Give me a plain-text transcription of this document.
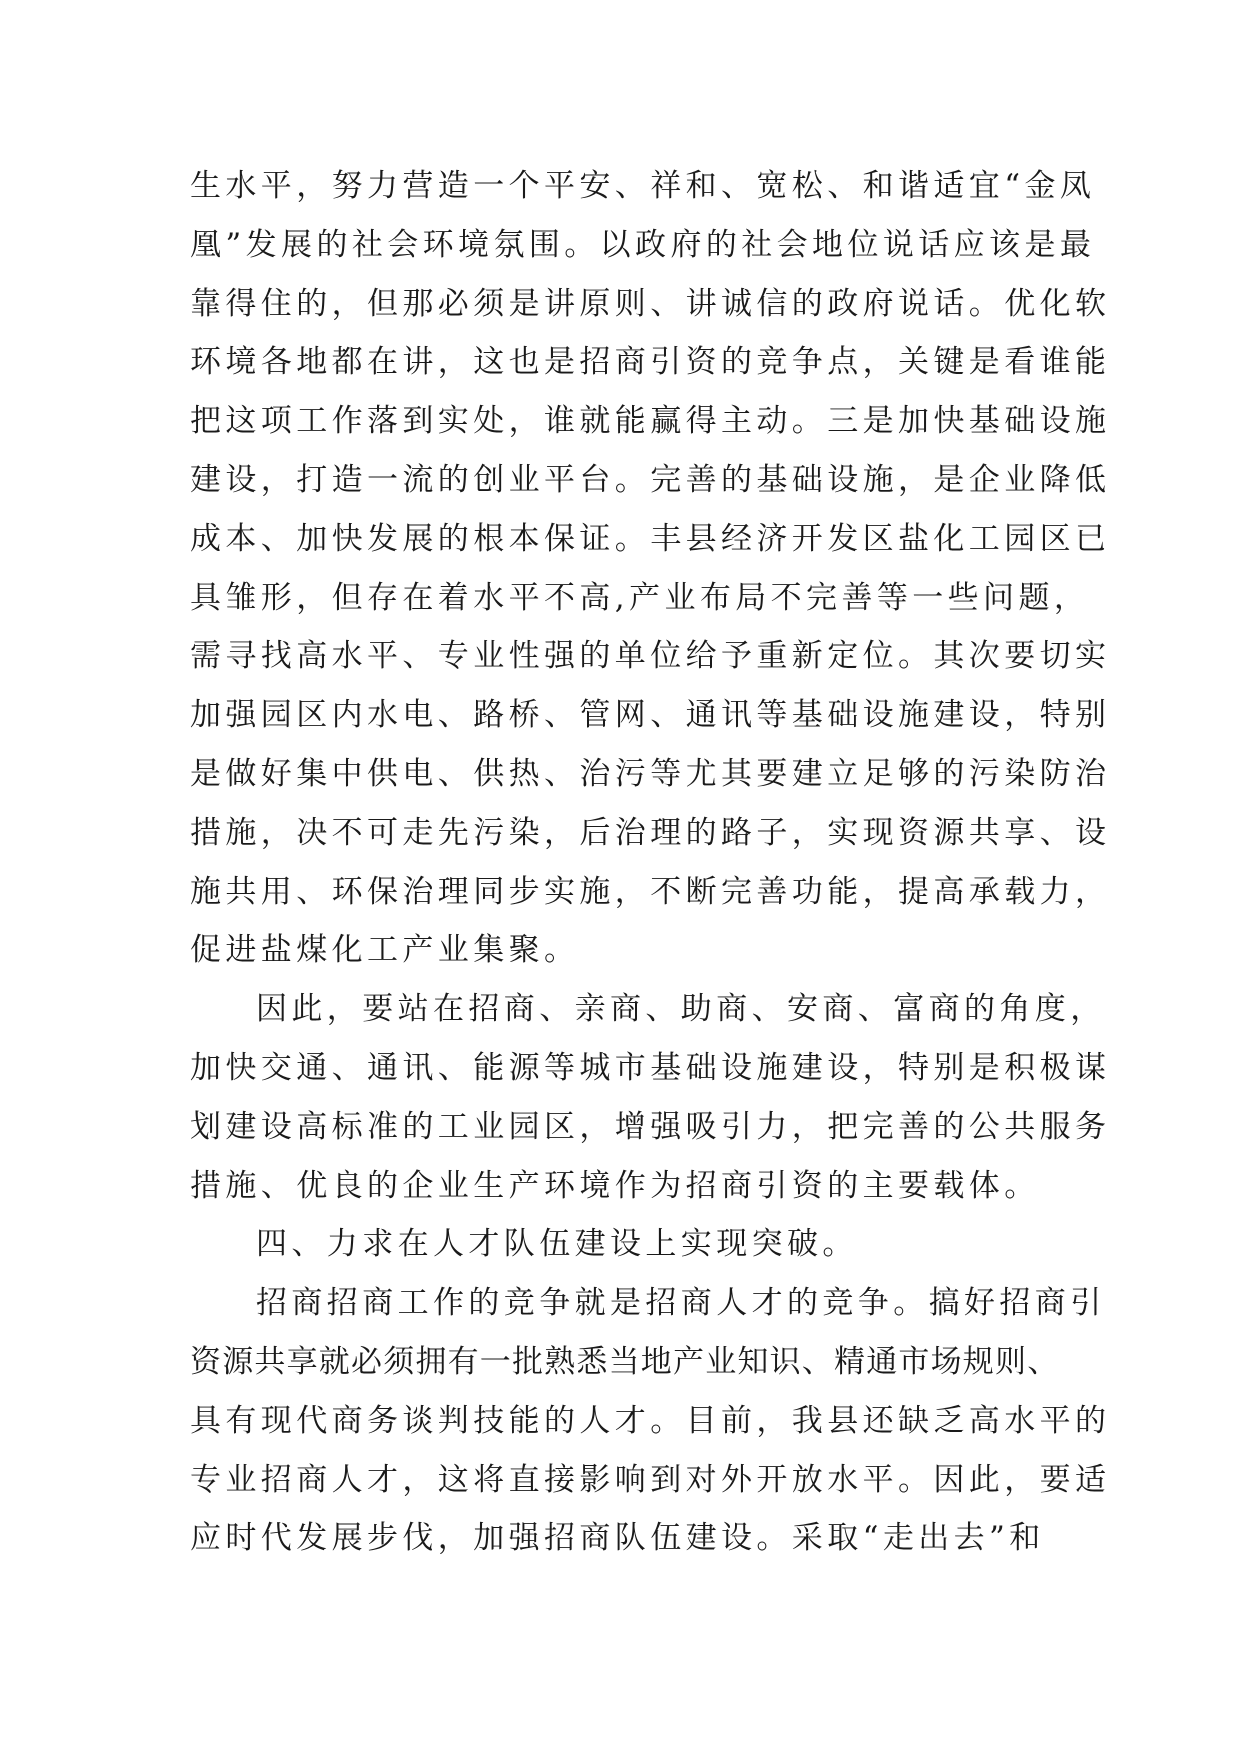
生水平，努力营造一个平安、祥和、宽松、和谐适宜“金凤
凰”发展的社会环境氛围。以政府的社会地位说话应该是最
靠得住的，但那必须是讲原则、讲诚信的政府说话。优化软
环境各地都在讲，这也是招商引资的竞争点，关键是看谁能
把这项工作落到实处，谁就能赢得主动。三是加快基础设施
建设，打造一流的创业平台。完善的基础设施，是企业降低
成本、加快发展的根本保证。丰县经济开发区盐化工园区已
具雏形，但存在着水平不高,产业布局不完善等一些问题，
需寻找高水平、专业性强的单位给予重新定位。其次要切实
加强园区内水电、路桥、管网、通讯等基础设施建设，特别
是做好集中供电、供热、治污等尤其要建立足够的污染防治
措施，决不可走先污染，后治理的路子，实现资源共享、设
施共用、环保治理同步实施，不断完善功能，提高承载力，
促进盐煤化工产业集聚。
因此，要站在招商、亲商、助商、安商、富商的角度，
加快交通、通讯、能源等城市基础设施建设，特别是积极谋
划建设高标准的工业园区，增强吸引力，把完善的公共服务
措施、优良的企业生产环境作为招商引资的主要载体。
四、力求在人才队伍建设上实现突破。
招商招商工作的竞争就是招商人才的竞争。搞好招商引
资源共享就必须拥有一批熟悉当地产业知识、精通市场规则、
具有现代商务谈判技能的人才。目前，我县还缺乏高水平的
专业招商人才，这将直接影响到对外开放水平。因此，要适
应时代发展步伐，加强招商队伍建设。采取“走出去”和
